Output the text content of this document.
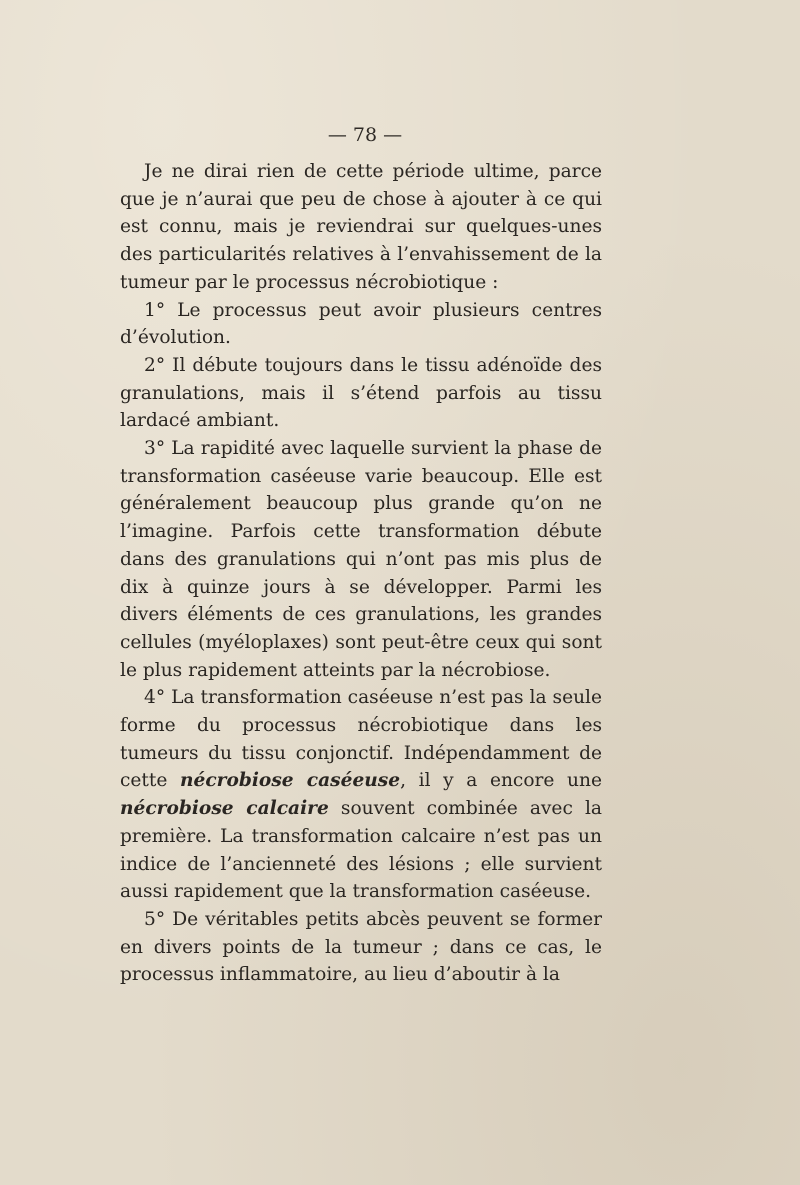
— 78 —

Je ne dirai rien de cette période ultime, parce que je n’aurai que peu de chose à ajouter à ce qui est connu, mais je reviendrai sur quelques-unes des particularités relatives à l’envahissement de la tumeur par le processus nécrobiotique :

1° Le processus peut avoir plusieurs centres d’évolution.

2° Il débute toujours dans le tissu adénoïde des granulations, mais il s’étend parfois au tissu lardacé ambiant.

3° La rapidité avec laquelle survient la phase de transformation caséeuse varie beaucoup. Elle est généralement beaucoup plus grande qu’on ne l’imagine. Parfois cette transformation débute dans des granulations qui n’ont pas mis plus de dix à quinze jours à se développer. Parmi les divers éléments de ces granulations, les grandes cellules (myéloplaxes) sont peut-être ceux qui sont le plus rapidement atteints par la nécrobiose.

4° La transformation caséeuse n’est pas la seule forme du processus nécrobiotique dans les tumeurs du tissu conjonctif. Indépendamment de cette nécrobiose caséeuse, il y a encore une nécrobiose calcaire souvent combinée avec la première. La transformation calcaire n’est pas un indice de l’ancienneté des lésions ; elle survient aussi rapidement que la transformation caséeuse.

5° De véritables petits abcès peuvent se former en divers points de la tumeur ; dans ce cas, le processus inflammatoire, au lieu d’aboutir à la
